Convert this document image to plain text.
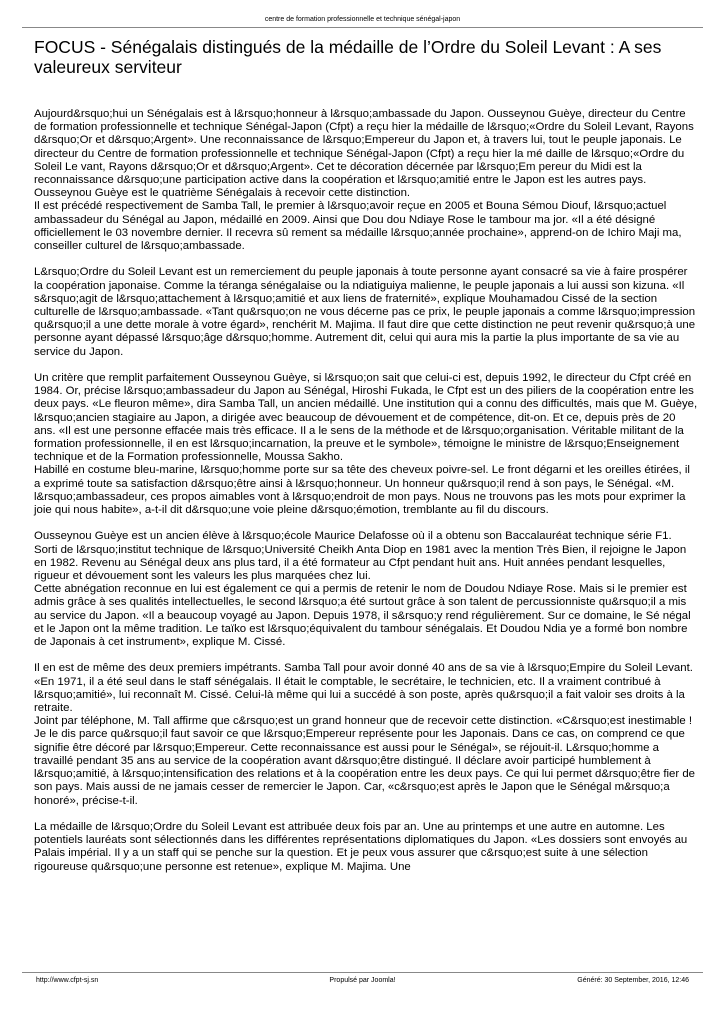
centre de formation professionnelle et technique sénégal-japon
FOCUS - Sénégalais distingués de la médaille de l’Ordre du Soleil Levant : A ses valeureux serviteur

Aujourd&rsquo;hui un Sénégalais est à l&rsquo;honneur à l&rsquo;ambassade du Japon. Ousseynou Guèye, directeur du Centre de formation professionnelle et technique Sénégal-Japon (Cfpt) a reçu hier la médaille de l&rsquo;«Ordre du Soleil Levant, Rayons d&rsquo;Or et d&rsquo;Argent». Une reconnaissance de l&rsquo;Empereur du Japon et, à travers lui, tout le peuple japonais. Le directeur du Centre de formation professionnelle et technique Sénégal-Japon (Cfpt) a reçu hier la mé daille de l&rsquo;«Ordre du Soleil Le vant, Rayons d&rsquo;Or et d&rsquo;Argent». Cet te décoration décernée par l&rsquo;Em pereur du Midi est la reconnaissance d&rsquo;une participation active dans la coopération et l&rsquo;amitié entre le Japon est les autres pays. Ousseynou Guèye est le quatrième Sénégalais à recevoir cette distinction.

Il est précédé respectivement de Samba Tall, le premier à l&rsquo;avoir reçue en 2005 et Bouna Sémou Diouf, l&rsquo;actuel ambassadeur du Sénégal au Japon, médaillé en 2009. Ainsi que Dou dou Ndiaye Rose le tambour ma jor. «Il a été désigné officiellement le 03 novembre dernier. Il recevra sû rement sa médaille l&rsquo;année prochaine», apprend-on de Ichiro Maji ma, conseiller culturel de l&rsquo;ambassade.

L&rsquo;Ordre du Soleil Levant est un remerciement du peuple japonais à toute personne ayant consacré sa vie à faire prospérer la coopération japonaise. Comme la téranga sénégalaise ou la ndiatiguiya malienne, le peuple japonais a lui aussi son kizuna. «Il s&rsquo;agit de l&rsquo;attachement à l&rsquo;amitié et aux liens de fraternité», explique Mouhamadou Cissé de la section culturelle de l&rsquo;ambassade. «Tant qu&rsquo;on ne vous décerne pas ce prix, le peuple japonais a comme l&rsquo;impression qu&rsquo;il a une dette morale à votre égard», renchérit M. Majima. Il faut dire que cette distinction ne peut revenir qu&rsquo;à une personne ayant dépassé l&rsquo;âge d&rsquo;homme. Autrement dit, celui qui aura mis la partie la plus importante de sa vie au service du Japon.

Un critère que remplit parfaitement Ousseynou Guèye, si l&rsquo;on sait que celui-ci est, depuis 1992, le directeur du Cfpt créé en 1984. Or, précise l&rsquo;ambassadeur du Japon au Sénégal, Hiroshi Fukada, le Cfpt est un des piliers de la coopération entre les deux pays. «Le fleuron même», dira Samba Tall, un ancien médaillé. Une institution qui a connu des difficultés, mais que M. Guèye, l&rsquo;ancien stagiaire au Japon, a dirigée avec beaucoup de dévouement et de compétence, dit-on. Et ce, depuis près de 20 ans. «Il est une personne effacée mais très efficace. Il a le sens de la méthode et de l&rsquo;organisation. Véritable militant de la formation professionnelle, il en est l&rsquo;incarnation, la preuve et le symbole», témoigne le ministre de l&rsquo;Enseignement technique et de la Formation professionnelle, Moussa Sakho.

Habillé en costume bleu-marine, l&rsquo;homme porte sur sa tête des cheveux poivre-sel. Le front dégarni et les oreilles étirées, il a exprimé toute sa satisfaction d&rsquo;être ainsi à l&rsquo;honneur. Un honneur qu&rsquo;il rend à son pays, le Sénégal. «M. l&rsquo;ambassadeur, ces propos aimables vont à l&rsquo;endroit de mon pays. Nous ne trouvons pas les mots pour exprimer la joie qui nous habite», a-t-il dit d&rsquo;une voie pleine d&rsquo;émotion, tremblante au fil du discours.

Ousseynou Guèye est un ancien élève à l&rsquo;école Maurice Delafosse où il a obtenu son Baccalauréat technique série F1. Sorti de l&rsquo;institut technique de l&rsquo;Université Cheikh Anta Diop en 1981 avec la mention Très Bien, il rejoigne le Japon en 1982. Revenu au Sénégal deux ans plus tard, il a été formateur au Cfpt pendant huit ans. Huit années pendant lesquelles, rigueur et dévouement sont les valeurs les plus marquées chez lui.

Cette abnégation reconnue en lui est également ce qui a permis de retenir le nom de Doudou Ndiaye Rose. Mais si le premier est admis grâce à ses qualités intellectuelles, le second l&rsquo;a été surtout grâce à son talent de percussionniste qu&rsquo;il a mis au service du Japon. «Il a beaucoup voyagé au Japon. Depuis 1978, il s&rsquo;y rend régulièrement. Sur ce domaine, le Sé négal et le Japon ont la même tradition. Le taïko est l&rsquo;équivalent du tambour sénégalais. Et Doudou Ndia ye a formé bon nombre de Japonais à cet instrument», explique M. Cissé.

Il en est de même des deux premiers impétrants. Samba Tall pour avoir donné 40 ans de sa vie à l&rsquo;Empire du Soleil Levant. «En 1971, il a été seul dans le staff sénégalais. Il était le comptable, le secrétaire, le technicien, etc. Il a vraiment contribué à l&rsquo;amitié», lui reconnaît M. Cissé. Celui-là même qui lui a succédé à son poste, après qu&rsquo;il a fait valoir ses droits à la retraite.

Joint par téléphone, M. Tall affirme que c&rsquo;est un grand honneur que de recevoir cette distinction. «C&rsquo;est inestimable ! Je le dis parce qu&rsquo;il faut savoir ce que l&rsquo;Empereur représente pour les Japonais. Dans ce cas, on comprend ce que signifie être décoré par l&rsquo;Empereur. Cette reconnaissance est aussi pour le Sénégal», se réjouit-il. L&rsquo;homme a travaillé pendant 35 ans au service de la coopération avant d&rsquo;être distingué. Il déclare avoir participé humblement à l&rsquo;amitié, à l&rsquo;intensification des relations et à la coopération entre les deux pays. Ce qui lui permet d&rsquo;être fier de son pays. Mais aussi de ne jamais cesser de remercier le Japon. Car, «c&rsquo;est après le Japon que le Sénégal m&rsquo;a honoré», précise-t-il.

La médaille de l&rsquo;Ordre du Soleil Levant est attribuée deux fois par an. Une au printemps et une autre en automne. Les potentiels lauréats sont sélectionnés dans les différentes représentations diplomatiques du Japon. «Les dossiers sont envoyés au Palais impérial. Il y a un staff qui se penche sur la question. Et je peux vous assurer que c&rsquo;est suite à une sélection rigoureuse qu&rsquo;une personne est retenue», explique M. Majima. Une

http://www.cfpt-sj.sn	Propulsé par Joomla!	Généré: 30 September, 2016, 12:46
